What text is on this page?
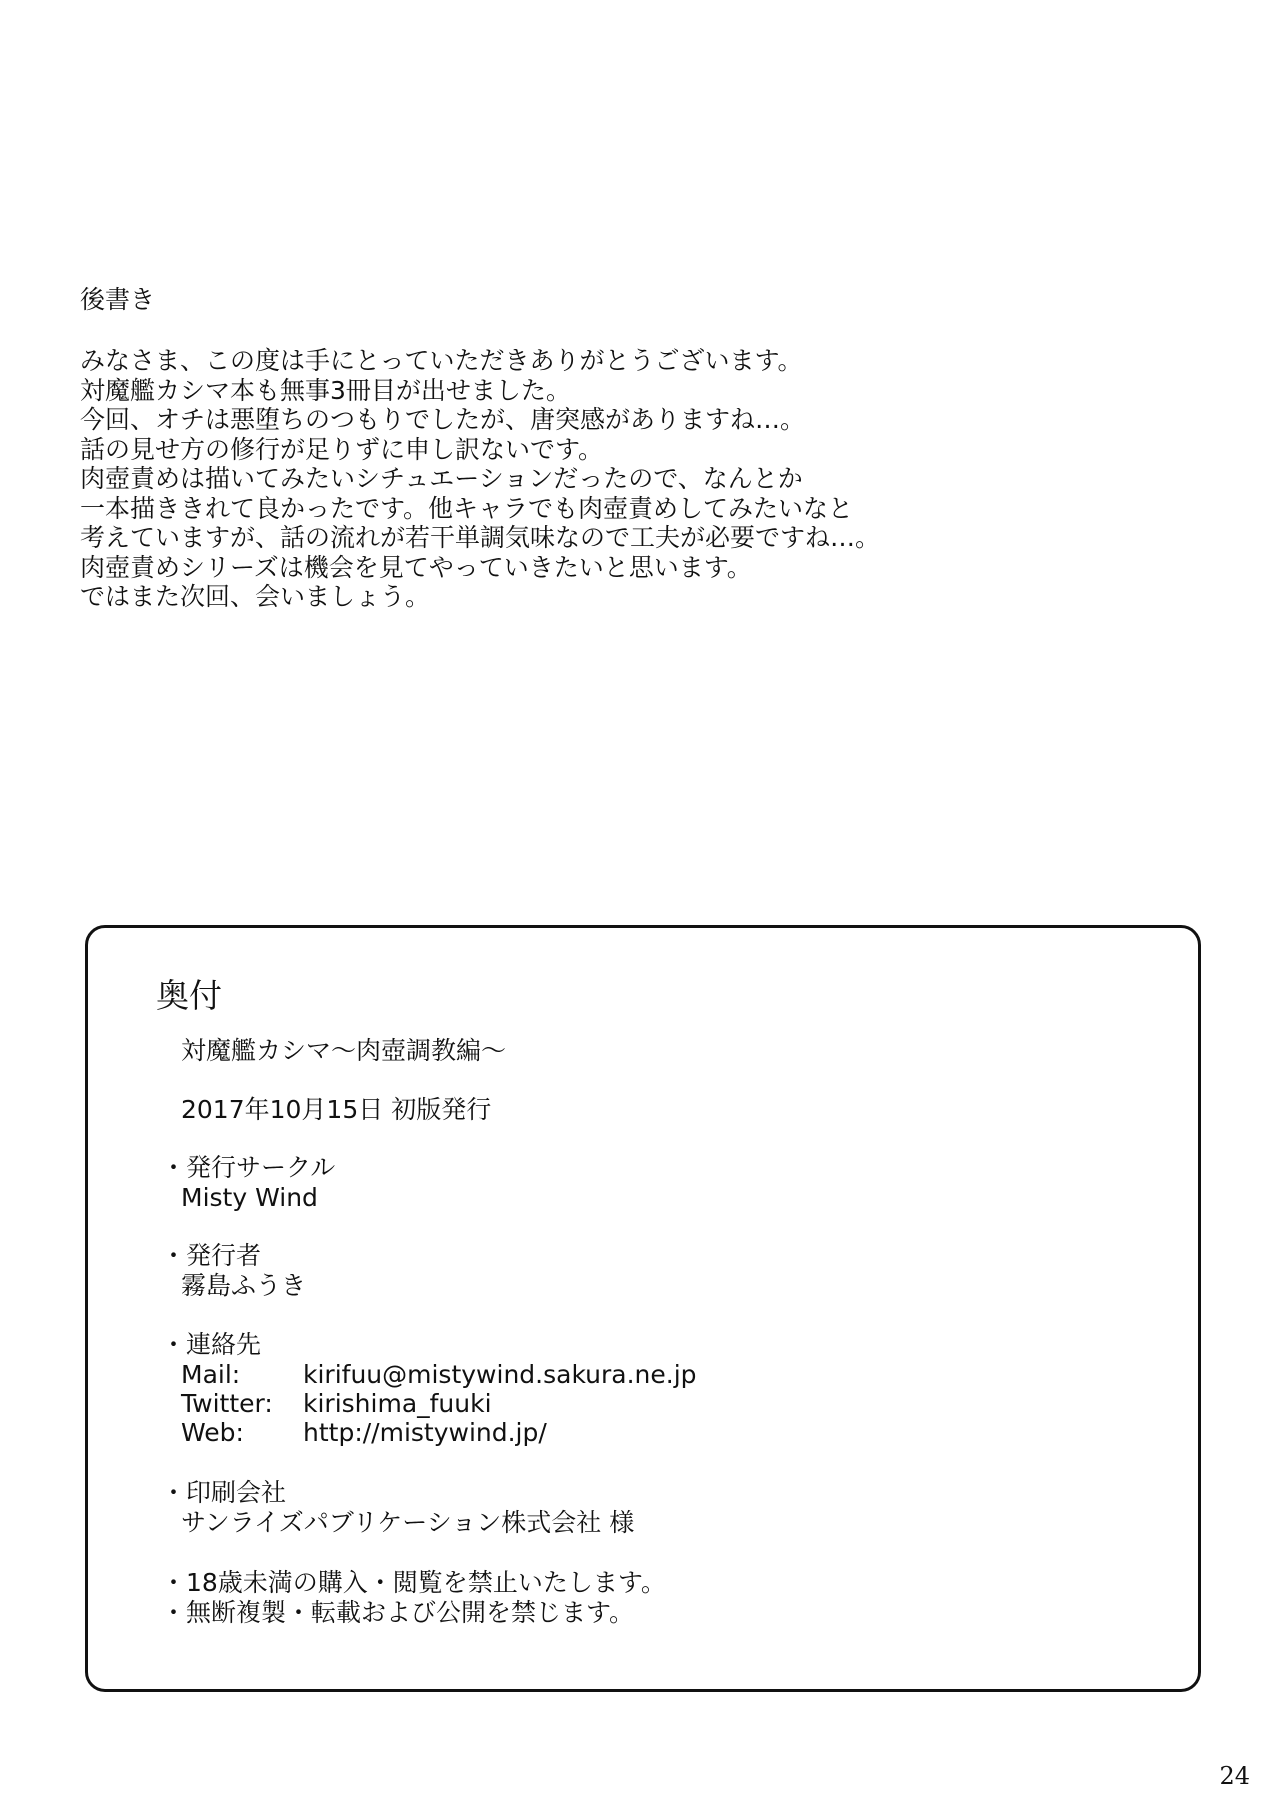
後書き
みなさま、この度は手にとっていただきありがとうございます。
対魔艦カシマ本も無事3冊目が出せました。
今回、オチは悪堕ちのつもりでしたが、唐突感がありますね…。
話の見せ方の修行が足りずに申し訳ないです。
肉壺責めは描いてみたいシチュエーションだったので、なんとか
一本描ききれて良かったです。他キャラでも肉壺責めしてみたいなと
考えていますが、話の流れが若干単調気味なので工夫が必要ですね…。
肉壺責めシリーズは機会を見てやっていきたいと思います。
ではまた次回、会いましょう。
奥付
対魔艦カシマ～肉壺調教編～
2017年10月15日 初版発行
・発行サークル
Misty Wind
・発行者
霧島ふうき
・連絡先
Mail:	kirifuu@mistywind.sakura.ne.jp
Twitter: kirishima_fuuki
Web: http://mistywind.jp/
・印刷会社
サンライズパブリケーション株式会社 様
・18歳未満の購入・閲覧を禁止いたします。
・無断複製・転載および公開を禁じます。
24
